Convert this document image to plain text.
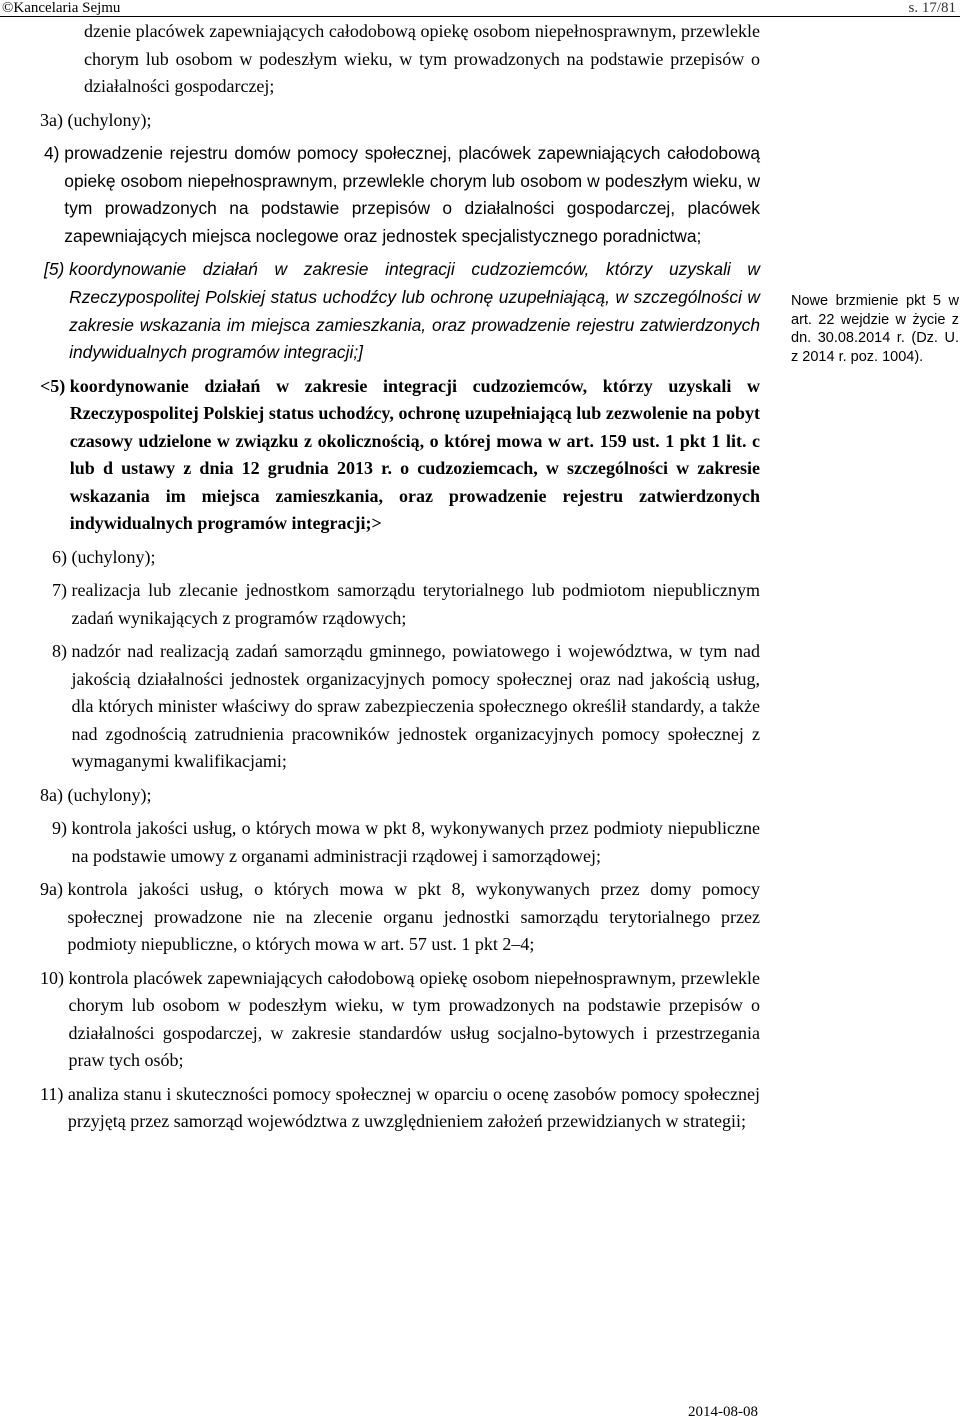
©Kancelaria Sejmu	s. 17/81

dzenie placówek zapewniających całodobową opiekę osobom niepełnosprawnym, przewlekle chorym lub osobom w podeszłym wieku, w tym prowadzonych na podstawie przepisów o działalności gospodarczej;

3a) (uchylony);

4) prowadzenie rejestru domów pomocy społecznej, placówek zapewniających całodobową opiekę osobom niepełnosprawnym, przewlekle chorym lub osobom w podeszłym wieku, w tym prowadzonych na podstawie przepisów o działalności gospodarczej, placówek zapewniających miejsca noclegowe oraz jednostek specjalistycznego poradnictwa;
[5) koordynowanie działań w zakresie integracji cudzoziemców, którzy uzyskali w Rzeczypospolitej Polskiej status uchodźcy lub ochronę uzupełniającą, w szczególności w zakresie wskazania im miejsca zamieszkania, oraz prowadzenie rejestru zatwierdzonych indywidualnych programów integracji;]
<5) koordynowanie działań w zakresie integracji cudzoziemców, którzy uzyskali w Rzeczypospolitej Polskiej status uchodźcy, ochronę uzupełniającą lub zezwolenie na pobyt czasowy udzielone w związku z okolicznością, o której mowa w art. 159 ust. 1 pkt 1 lit. c lub d ustawy z dnia 12 grudnia 2013 r. o cudzoziemcach, w szczególności w zakresie wskazania im miejsca zamieszkania, oraz prowadzenie rejestru zatwierdzonych indywidualnych programów integracji;>

6) (uchylony);

7) realizacja lub zlecanie jednostkom samorządu terytorialnego lub podmiotom niepublicznym zadań wynikających z programów rządowych;
8) nadzór nad realizacją zadań samorządu gminnego, powiatowego i województwa, w tym nad jakością działalności jednostek organizacyjnych pomocy społecznej oraz nad jakością usług, dla których minister właściwy do spraw zabezpieczenia społecznego określił standardy, a także nad zgodnością zatrudnienia pracowników jednostek organizacyjnych pomocy społecznej z wymaganymi kwalifikacjami;

8a) (uchylony);

9) kontrola jakości usług, o których mowa w pkt 8, wykonywanych przez podmioty niepubliczne na podstawie umowy z organami administracji rządowej i samorządowej;
9a) kontrola jakości usług, o których mowa w pkt 8, wykonywanych przez domy pomocy społecznej prowadzone nie na zlecenie organu jednostki samorządu terytorialnego przez podmioty niepubliczne, o których mowa w art. 57 ust. 1 pkt 2–4;
10) kontrola placówek zapewniających całodobową opiekę osobom niepełnosprawnym, przewlekle chorym lub osobom w podeszłym wieku, w tym prowadzonych na podstawie przepisów o działalności gospodarczej, w zakresie standardów usług socjalno-bytowych i przestrzegania praw tych osób;
11) analiza stanu i skuteczności pomocy społecznej w oparciu o ocenę zasobów pomocy społecznej przyjętą przez samorząd województwa z uwzględnieniem założeń przewidzianych w strategii;
Nowe brzmienie pkt 5 w art. 22 wejdzie w życie z dn. 30.08.2014 r. (Dz. U. z 2014 r. poz. 1004).
2014-08-08
